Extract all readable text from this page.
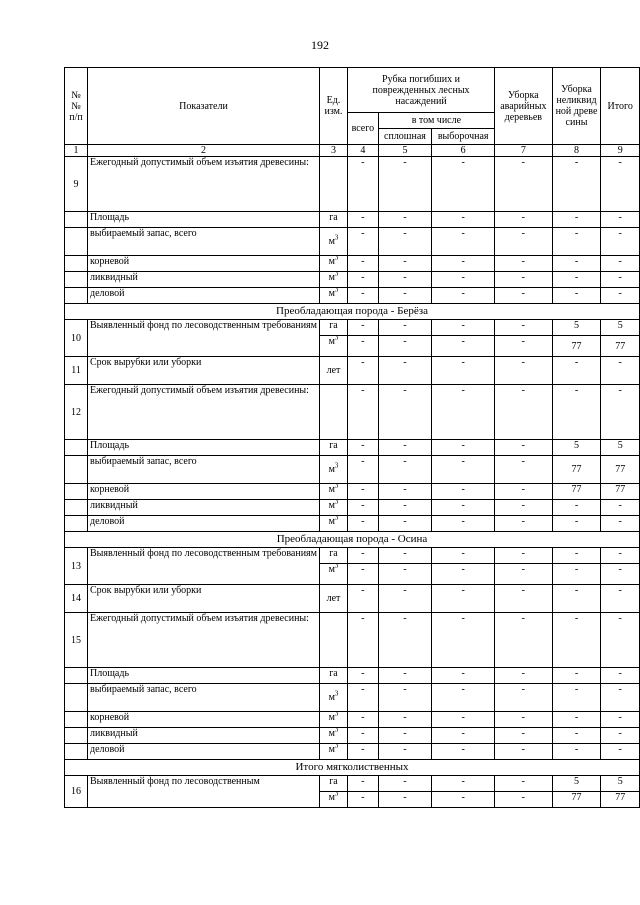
192
№№ п/п	Показатели	Ед. изм.	Рубка погибших и поврежденных лесных насаждений			Уборка аварийных деревьев	Уборка неликвид ной древе сины	Итого
			всего	в том числе				
				сплошная	выборочная			
1	2	3	4	5	6	7	8	9
9	Ежегодный допустимый объем изъятия древесины:		-	-	-	-	-	-
	Площадь	га	-	-	-	-	-	-
	выбираемый запас, всего	$м^3$	-	-	-	-	-	-
	корневой	$м^3$	-	-	-	-	-	-
	ликвидный	$м^3$	-	-	-	-	-	-
	деловой	$м^3$	-	-	-	-	-	-
Преобладающая порода - Берёза								
10	Выявленный фонд по лесоводственным требованиям	га	-	-	-	-	5	5
		$м^3$	-	-	-	-	77	77
11	Срок вырубки или уборки	лет	-	-	-	-	-	-
12	Ежегодный допустимый объем изъятия древесины:		-	-	-	-	-	-
	Площадь	га	-	-	-	-	5	5
	выбираемый запас, всего	$м^3$	-	-	-	-	77	77
	корневой	$м^3$	-	-	-	-	77	77
	ликвидный	$м^3$	-	-	-	-	-	-
	деловой	$м^3$	-	-	-	-	-	-
Преобладающая порода - Осина								
13	Выявленный фонд по лесоводственным требованиям	га	-	-	-	-	-	-
		$м^3$	-	-	-	-	-	-
14	Срок вырубки или уборки	лет	-	-	-	-	-	-
15	Ежегодный допустимый объем изъятия древесины:		-	-	-	-	-	-
	Площадь	га	-	-	-	-	-	-
	выбираемый запас, всего	$м^3$	-	-	-	-	-	-
	корневой	$м^3$	-	-	-	-	-	-
	ликвидный	$м^3$	-	-	-	-	-	-
	деловой	$м^3$	-	-	-	-	-	-
Итого мягколиственных								
16	Выявленный фонд по лесоводственным	га	-	-	-	-	5	5
		$м^3$	-	-	-	-	77	77
